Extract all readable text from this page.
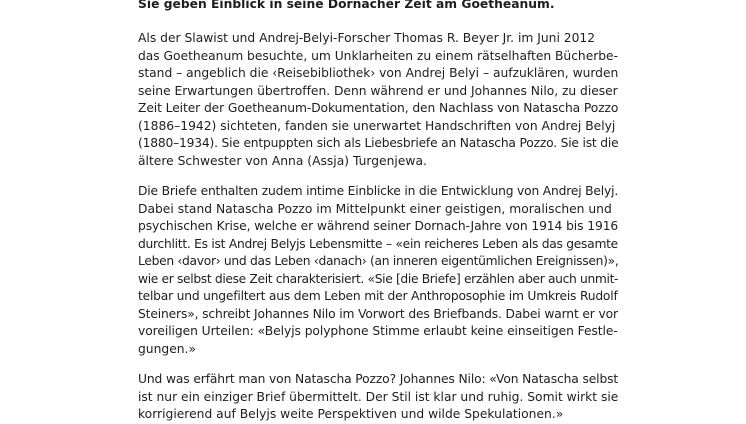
Sie geben Einblick in seine Dornacher Zeit am Goetheanum.
Als der Slawist und Andrej-Belyi-Forscher Thomas R. Beyer Jr. im Juni 2012
das Goetheanum besuchte, um Unklarheiten zu einem rätselhaften Bücherbe-
stand – angeblich die ‹Reisebibliothek› von Andrej Belyi – aufzuklären, wurden
seine Erwartungen übertroffen. Denn während er und Johannes Nilo, zu dieser
Zeit Leiter der Goetheanum-Dokumentation, den Nachlass von Natascha Pozzo
(1886–1942) sichteten, fanden sie unerwartet Handschriften von Andrej Belyj
(1880–1934). Sie entpuppten sich als Liebesbriefe an Natascha Pozzo. Sie ist die
ältere Schwester von Anna (Assja) Turgenjewa.
Die Briefe enthalten zudem intime Einblicke in die Entwicklung von Andrej Belyj.
Dabei stand Natascha Pozzo im Mittelpunkt einer geistigen, moralischen und
psychischen Krise, welche er während seiner Dornach-Jahre von 1914 bis 1916
durchlitt. Es ist Andrej Belyjs Lebensmitte – «ein reicheres Leben als das gesamte
Leben ‹davor› und das Leben ‹danach› (an inneren eigentümlichen Ereignissen)»,
wie er selbst diese Zeit charakterisiert. «Sie [die Briefe] erzählen aber auch unmit-
telbar und ungefiltert aus dem Leben mit der Anthroposophie im Umkreis Rudolf
Steiners», schreibt Johannes Nilo im Vorwort des Briefbands. Dabei warnt er vor
voreiligen Urteilen: «Belyjs polyphone Stimme erlaubt keine einseitigen Festle-
gungen.»
Und was erfährt man von Natascha Pozzo? Johannes Nilo: «Von Natascha selbst
ist nur ein einziger Brief übermittelt. Der Stil ist klar und ruhig. Somit wirkt sie
korrigierend auf Belyjs weite Perspektiven und wilde Spekulationen.»
